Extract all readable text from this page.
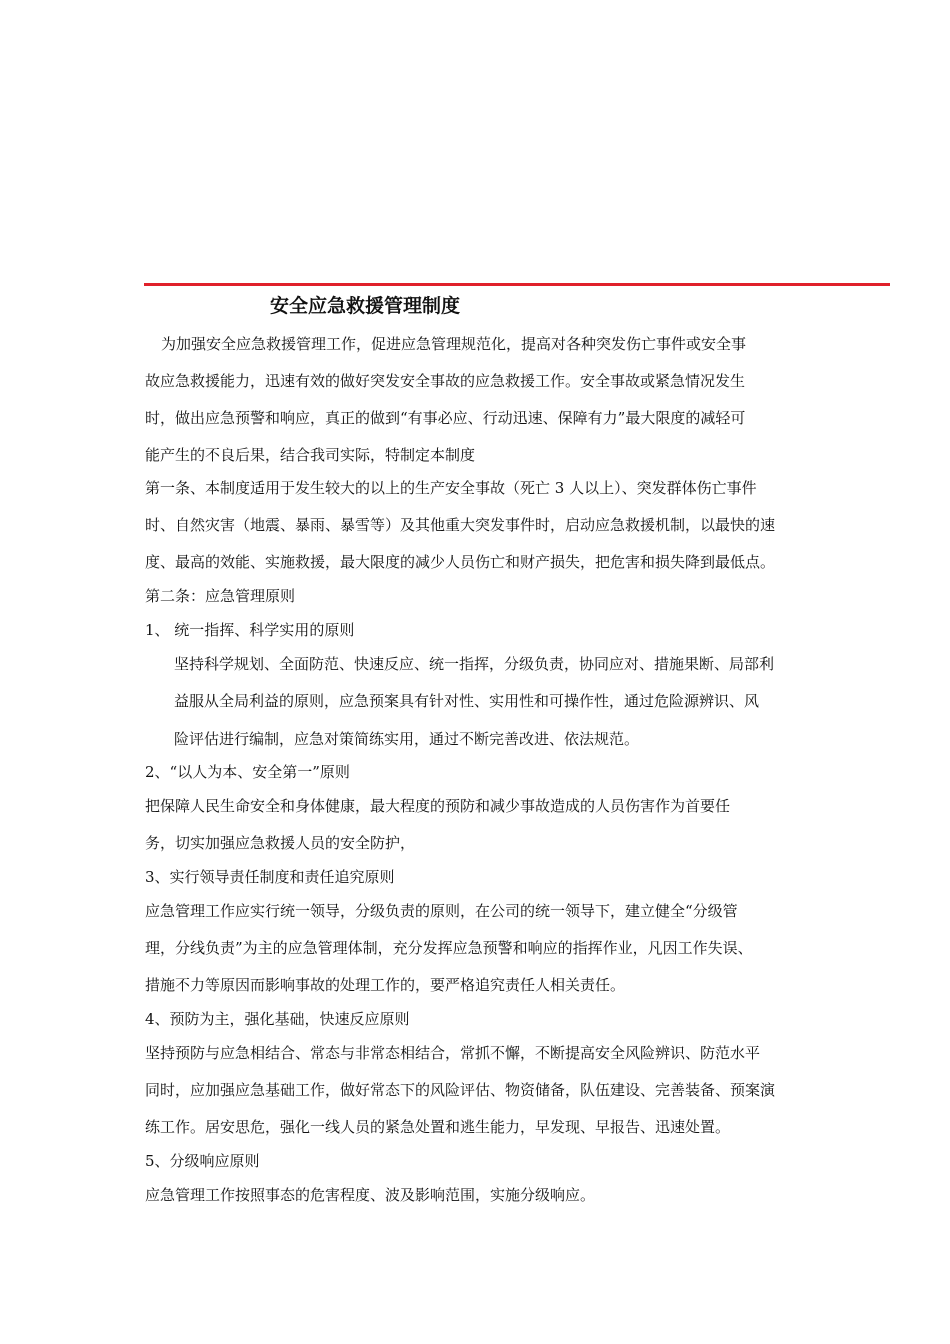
安全应急救援管理制度
为加强安全应急救援管理工作，促进应急管理规范化，提高对各种突发伤亡事件或安全事
故应急救援能力，迅速有效的做好突发安全事故的应急救援工作。安全事故或紧急情况发生
时，做出应急预警和响应，真正的做到“有事必应、行动迅速、保障有力”最大限度的减轻可
能产生的不良后果，结合我司实际，特制定本制度
第一条、本制度适用于发生较大的以上的生产安全事故（死亡 3 人以上）、突发群体伤亡事件
时、自然灾害（地震、暴雨、暴雪等）及其他重大突发事件时，启动应急救援机制，以最快的速
度、最高的效能、实施救援，最大限度的减少人员伤亡和财产损失，把危害和损失降到最低点。
第二条：应急管理原则
1、 统一指挥、科学实用的原则
坚持科学规划、全面防范、快速反应、统一指挥，分级负责，协同应对、措施果断、局部利
益服从全局利益的原则，应急预案具有针对性、实用性和可操作性，通过危险源辨识、风
险评估进行编制，应急对策简练实用，通过不断完善改进、依法规范。
2、“以人为本、安全第一”原则
把保障人民生命安全和身体健康，最大程度的预防和减少事故造成的人员伤害作为首要任
务，切实加强应急救援人员的安全防护，
3、实行领导责任制度和责任追究原则
应急管理工作应实行统一领导，分级负责的原则，在公司的统一领导下，建立健全“分级管
理，分线负责”为主的应急管理体制，充分发挥应急预警和响应的指挥作业，凡因工作失误、
措施不力等原因而影响事故的处理工作的，要严格追究责任人相关责任。
4、预防为主，强化基础，快速反应原则
坚持预防与应急相结合、常态与非常态相结合，常抓不懈，不断提高安全风险辨识、防范水平
同时，应加强应急基础工作，做好常态下的风险评估、物资储备，队伍建设、完善装备、预案演
练工作。居安思危，强化一线人员的紧急处置和逃生能力，早发现、早报告、迅速处置。
5、分级响应原则
应急管理工作按照事态的危害程度、波及影响范围，实施分级响应。
